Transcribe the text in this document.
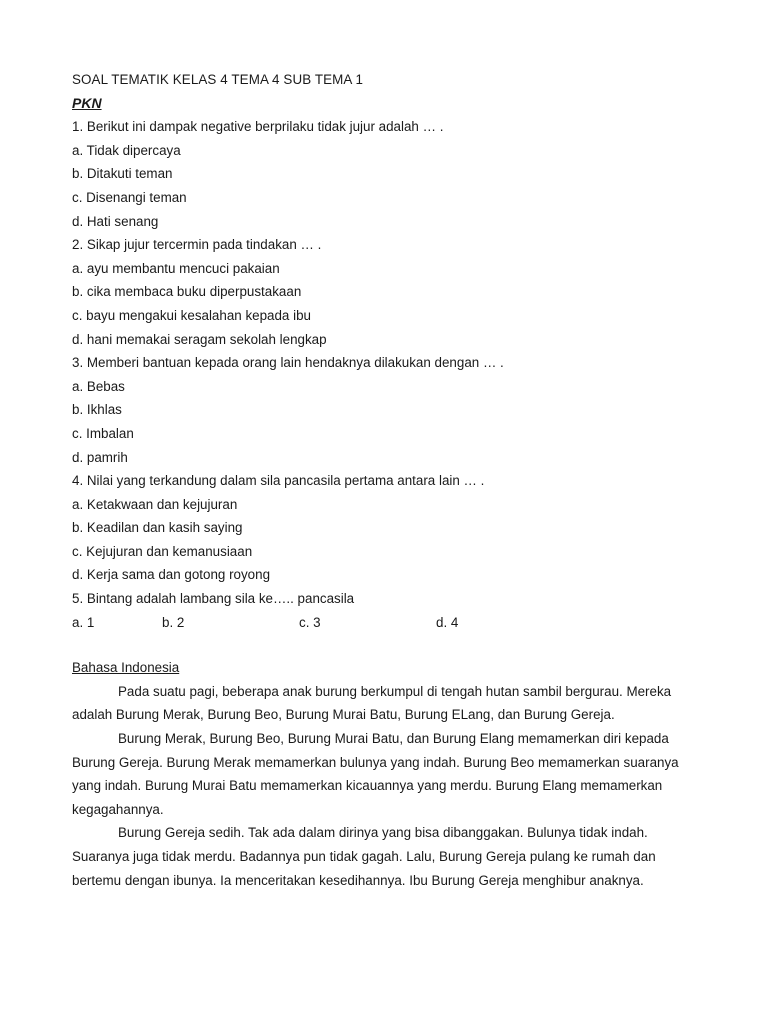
SOAL TEMATIK KELAS 4 TEMA 4 SUB TEMA 1
PKN
1. Berikut ini dampak negative berprilaku tidak jujur adalah … .
a. Tidak dipercaya
b. Ditakuti teman
c. Disenangi teman
d. Hati senang
2. Sikap jujur tercermin pada tindakan … .
a. ayu membantu mencuci pakaian
b. cika membaca buku diperpustakaan
c. bayu mengakui kesalahan kepada ibu
d. hani memakai seragam sekolah lengkap
3. Memberi bantuan kepada orang lain hendaknya dilakukan dengan … .
a. Bebas
b. Ikhlas
c. Imbalan
d. pamrih
4. Nilai yang terkandung dalam sila pancasila pertama antara lain … .
a. Ketakwaan dan kejujuran
b. Keadilan dan kasih saying
c. Kejujuran dan kemanusiaan
d. Kerja sama dan gotong royong
5. Bintang adalah lambang sila ke….. pancasila
a. 1	b. 2	c. 3	d. 4
Bahasa Indonesia

Pada suatu pagi, beberapa anak burung berkumpul di tengah hutan sambil bergurau. Mereka adalah Burung Merak, Burung Beo, Burung Murai Batu, Burung ELang, dan Burung Gereja.

Burung Merak, Burung Beo, Burung Murai Batu, dan Burung Elang memamerkan diri kepada Burung Gereja. Burung Merak memamerkan bulunya yang indah. Burung Beo memamerkan suaranya yang indah. Burung Murai Batu memamerkan kicauannya yang merdu. Burung Elang memamerkan kegagahannya.

Burung Gereja sedih. Tak ada dalam dirinya yang bisa dibanggakan. Bulunya tidak indah. Suaranya juga tidak merdu. Badannya pun tidak gagah. Lalu, Burung Gereja pulang ke rumah dan bertemu dengan ibunya. Ia menceritakan kesedihannya. Ibu Burung Gereja menghibur anaknya.
